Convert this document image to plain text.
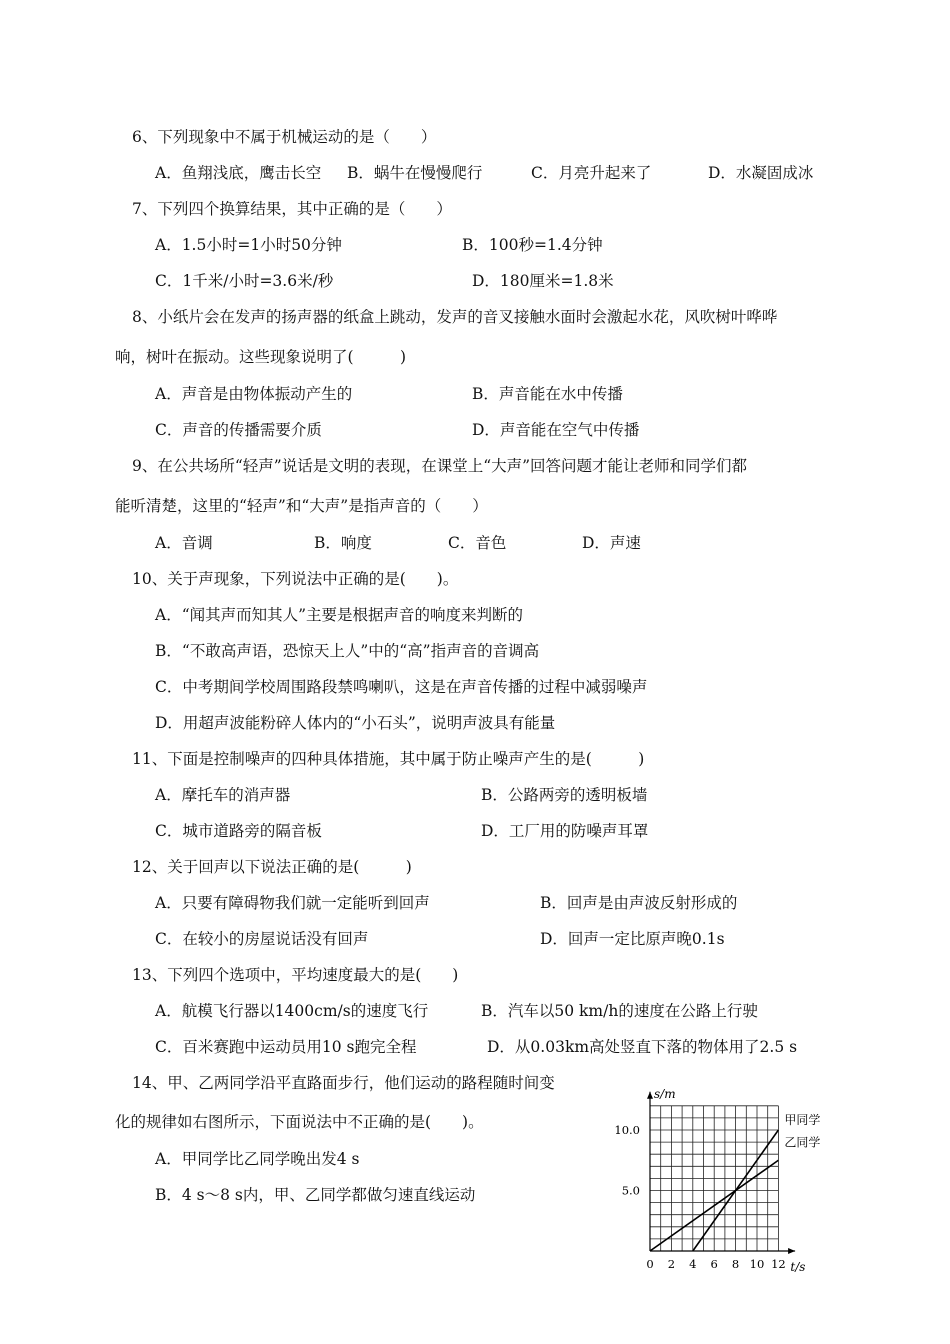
6、下列现象中不属于机械运动的是（　　）
A．鱼翔浅底，鹰击长空 B．蜗牛在慢慢爬行	C．月亮升起来了	D．水凝固成冰
7、下列四个换算结果，其中正确的是（　　）
A．1.5小时=1小时50分钟	B．100秒=1.4分钟
C．1千米/小时=3.6米/秒	D．180厘米=1.8米
8、小纸片会在发声的扬声器的纸盒上跳动，发声的音叉接触水面时会激起水花，风吹树叶哗哗
响，树叶在振动。这些现象说明了(　　　)
A．声音是由物体振动产生的	B．声音能在水中传播
C．声音的传播需要介质	D．声音能在空气中传播
9、在公共场所“轻声”说话是文明的表现，在课堂上“大声”回答问题才能让老师和同学们都
能听清楚，这里的“轻声”和“大声”是指声音的（　　）
A．音调	B．响度	C．音色	D．声速
10、关于声现象，下列说法中正确的是(　　)。
A．“闻其声而知其人”主要是根据声音的响度来判断的
B．“不敢高声语，恐惊天上人”中的“高”指声音的音调高
C．中考期间学校周围路段禁鸣喇叭，这是在声音传播的过程中减弱噪声
D．用超声波能粉碎人体内的“小石头”，说明声波具有能量
11、下面是控制噪声的四种具体措施，其中属于防止噪声产生的是(　　　)
A．摩托车的消声器	B．公路两旁的透明板墙
C．城市道路旁的隔音板	D．工厂用的防噪声耳罩
12、关于回声以下说法正确的是(　　　)
A．只要有障碍物我们就一定能听到回声	B．回声是由声波反射形成的
C．在较小的房屋说话没有回声	D．回声一定比原声晚0.1s
13、下列四个选项中，平均速度最大的是(　　)
A．航模飞行器以1400cm/s的速度飞行	B．汽车以50 km/h的速度在公路上行驶
C．百米赛跑中运动员用10 s跑完全程	D．从0.03km高处竖直下落的物体用了2.5 s
14、甲、乙两同学沿平直路面步行，他们运动的路程随时间变
化的规律如右图所示，下面说法中不正确的是(　　)。
A．甲同学比乙同学晚出发4 s
B．4 s～8 s内，甲、乙同学都做匀速直线运动
s/m
t/s
0 2 4 6 8 10 12
5.0
10.0
甲同学
乙同学
